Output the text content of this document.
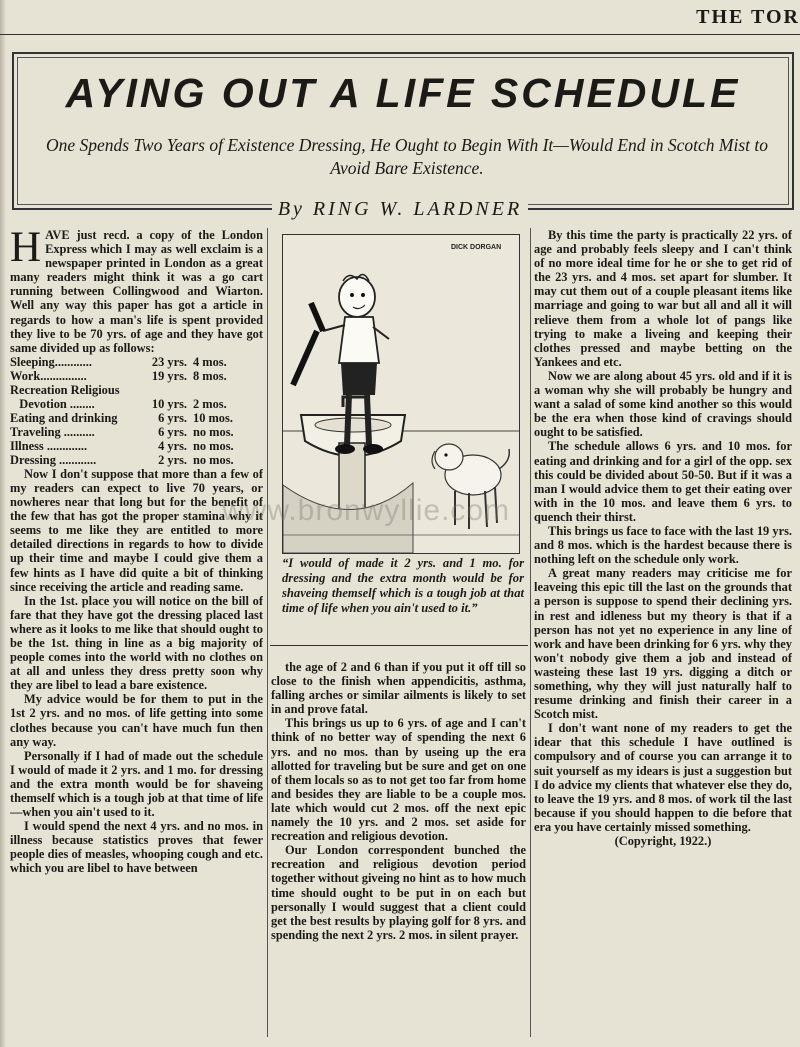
THE TOR
AYING OUT A LIFE SCHEDULE
One Spends Two Years of Existence Dressing, He Ought to Begin With It—Would End in Scotch Mist to Avoid Bare Existence.
By RING W. LARDNER

HAVE just recd. a copy of the London Express which I may as well exclaim is a newspaper printed in London as a great many readers might think it was a go cart running between Collingwood and Wiarton. Well any way this paper has got a article in regards to how a man's life is spent provided they live to be 70 yrs. of age and they have got same divided up as follows:

Sleeping............	23 yrs.	4 mos.
Work...............	19 yrs.	8 mos.
Recreation Religious		
Devotion ........	10 yrs.	2 mos.
Eating and drinking	6 yrs.	10 mos.
Traveling ..........	6 yrs.	no mos.
Illness .............	4 yrs.	no mos.
Dressing ............	2 yrs.	no mos.

Now I don't suppose that more than a few of my readers can expect to live 70 years, or nowheres near that long but for the benefit of the few that has got the proper stamina why it seems to me like they are entitled to more detailed directions in regards to how to divide up their time and maybe I could give them a few hints as I have did quite a bit of thinking since receiving the article and reading same.

In the 1st. place you will notice on the bill of fare that they have got the dressing placed last where as it looks to me like that should ought to be the 1st. thing in line as a big majority of people comes into the world with no clothes on at all and unless they dress pretty soon why they are libel to lead a bare existence.

My advice would be for them to put in the 1st 2 yrs. and no mos. of life getting into some clothes because you can't have much fun then any way.

Personally if I had of made out the schedule I would of made it 2 yrs. and 1 mo. for dressing and the extra month would be for shaveing themself which is a tough job at that time of life—when you ain't used to it.

I would spend the next 4 yrs. and no mos. in illness because statistics proves that fewer people dies of measles, whooping cough and etc. which you are libel to have between

DICK DORGAN
www.bronwyllie.com
“I would of made it 2 yrs. and 1 mo. for dressing and the extra month would be for shaveing themself which is a tough job at that time of life when you ain't used to it.”

the age of 2 and 6 than if you put it off till so close to the finish when appendicitis, asthma, falling arches or similar ailments is likely to set in and prove fatal.

This brings us up to 6 yrs. of age and I can't think of no better way of spending the next 6 yrs. and no mos. than by useing up the era allotted for traveling but be sure and get on one of them locals so as to not get too far from home and besides they are liable to be a couple mos. late which would cut 2 mos. off the next epic namely the 10 yrs. and 2 mos. set aside for recreation and religious devotion.

Our London correspondent bunched the recreation and religious devotion period together without giveing no hint as to how much time should ought to be put in on each but personally I would suggest that a client could get the best results by playing golf for 8 yrs. and spending the next 2 yrs. 2 mos. in silent prayer.

By this time the party is practically 22 yrs. of age and probably feels sleepy and I can't think of no more ideal time for he or she to get rid of the 23 yrs. and 4 mos. set apart for slumber. It may cut them out of a couple pleasant items like marriage and going to war but all and all it will relieve them from a whole lot of pangs like trying to make a liveing and keeping their clothes pressed and maybe betting on the Yankees and etc.

Now we are along about 45 yrs. old and if it is a woman why she will probably be hungry and want a salad of some kind another so this would be the era when those kind of cravings should ought to be satisfied.

The schedule allows 6 yrs. and 10 mos. for eating and drinking and for a girl of the opp. sex this could be divided about 50-50. But if it was a man I would advice them to get their eating over with in the 10 mos. and leave them 6 yrs. to quench their thirst.

This brings us face to face with the last 19 yrs. and 8 mos. which is the hardest because there is nothing left on the schedule only work.

A great many readers may criticise me for leaveing this epic till the last on the grounds that a person is suppose to spend their declining yrs. in rest and idleness but my theory is that if a person has not yet no experience in any line of work and have been drinking for 6 yrs. why they won't nobody give them a job and instead of wasteing these last 19 yrs. digging a ditch or something, why they will just naturally half to resume drinking and finish their career in a Scotch mist.

I don't want none of my readers to get the idear that this schedule I have outlined is compulsory and of course you can arrange it to suit yourself as my idears is just a suggestion but I do advice my clients that whatever else they do, to leave the 19 yrs. and 8 mos. of work til the last because if you should happen to die before that era you have certainly missed something.

(Copyright, 1922.)
